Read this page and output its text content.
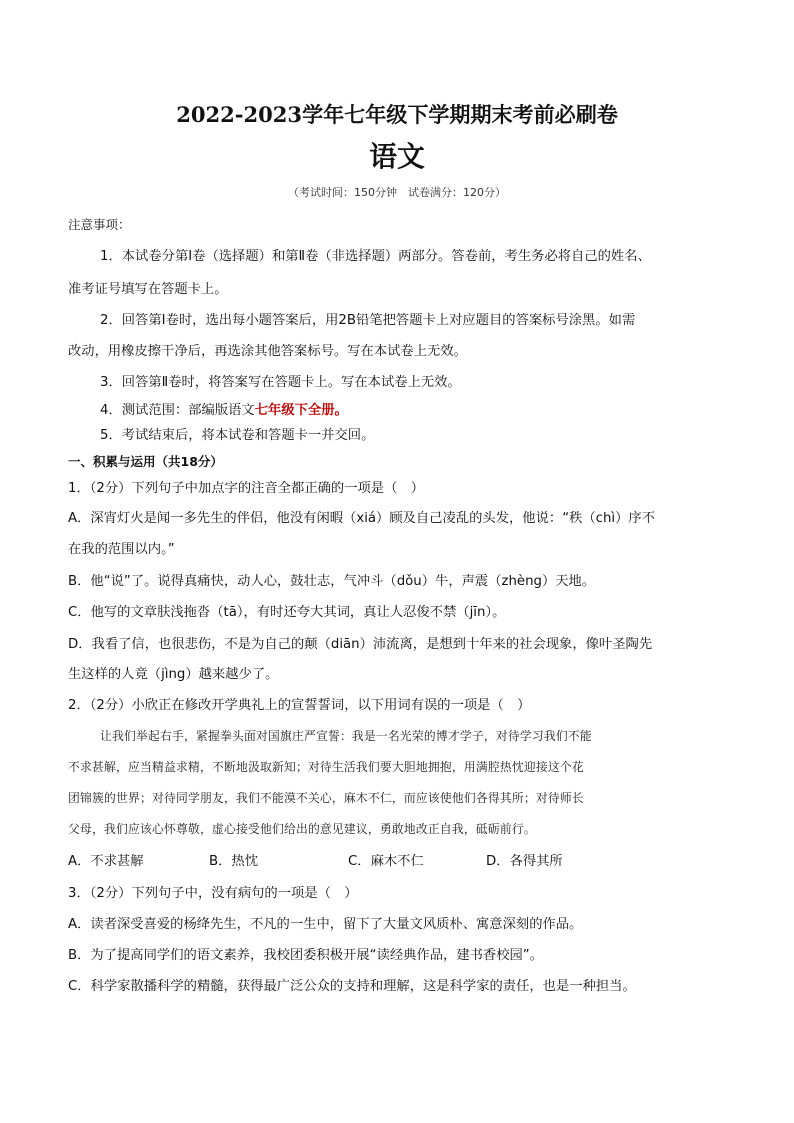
2022-2023学年七年级下学期期末考前必刷卷
语文
（考试时间：150分钟　试卷满分：120分）
注意事项：
1．本试卷分第Ⅰ卷（选择题）和第Ⅱ卷（非选择题）两部分。答卷前，考生务必将自己的姓名、
准考证号填写在答题卡上。
2．回答第Ⅰ卷时，选出每小题答案后，用2B铅笔把答题卡上对应题目的答案标号涂黑。如需
改动，用橡皮擦干净后，再选涂其他答案标号。写在本试卷上无效。
3．回答第Ⅱ卷时，将答案写在答题卡上。写在本试卷上无效。
4．测试范围：部编版语文七年级下全册。
5．考试结束后，将本试卷和答题卡一并交回。
一、积累与运用（共18分）
1．（2分）下列句子中加点字的注音全都正确的一项是（　）
A．深宵灯火是闻一多先生的伴侣，他没有闲暇（xiá）顾及自己凌乱的头发，他说：“秩（chì）序不
在我的范围以内。”
B．他“说”了。说得真痛快，动人心，鼓壮志，气冲斗（dǒu）牛，声震（zhèng）天地。
C．他写的文章肤浅拖沓（tā），有时还夸大其词，真让人忍俊不禁（jīn）。
D．我看了信，也很悲伤，不是为自己的颠（diān）沛流离，是想到十年来的社会现象，像叶圣陶先
生这样的人竟（jìng）越来越少了。
2．（2分）小欣正在修改开学典礼上的宣誓誓词，以下用词有误的一项是（　）
让我们举起右手，紧握拳头面对国旗庄严宣誓：我是一名光荣的博才学子，对待学习我们不能
不求甚解，应当精益求精，不断地汲取新知；对待生活我们要大胆地拥抱，用满腔热忱迎接这个花
团锦簇的世界；对待同学朋友，我们不能漠不关心，麻木不仁，而应该使他们各得其所；对待师长
父母，我们应该心怀尊敬，虚心接受他们给出的意见建议，勇敢地改正自我，砥砺前行。
A．不求甚解	B．热忱	C．麻木不仁	D．各得其所
3．（2分）下列句子中，没有病句的一项是（　）
A．读者深受喜爱的杨绛先生，不凡的一生中，留下了大量文风质朴、寓意深刻的作品。
B．为了提高同学们的语文素养，我校团委积极开展“读经典作品，建书香校园”。
C．科学家散播科学的精髓，获得最广泛公众的支持和理解，这是科学家的责任，也是一种担当。
